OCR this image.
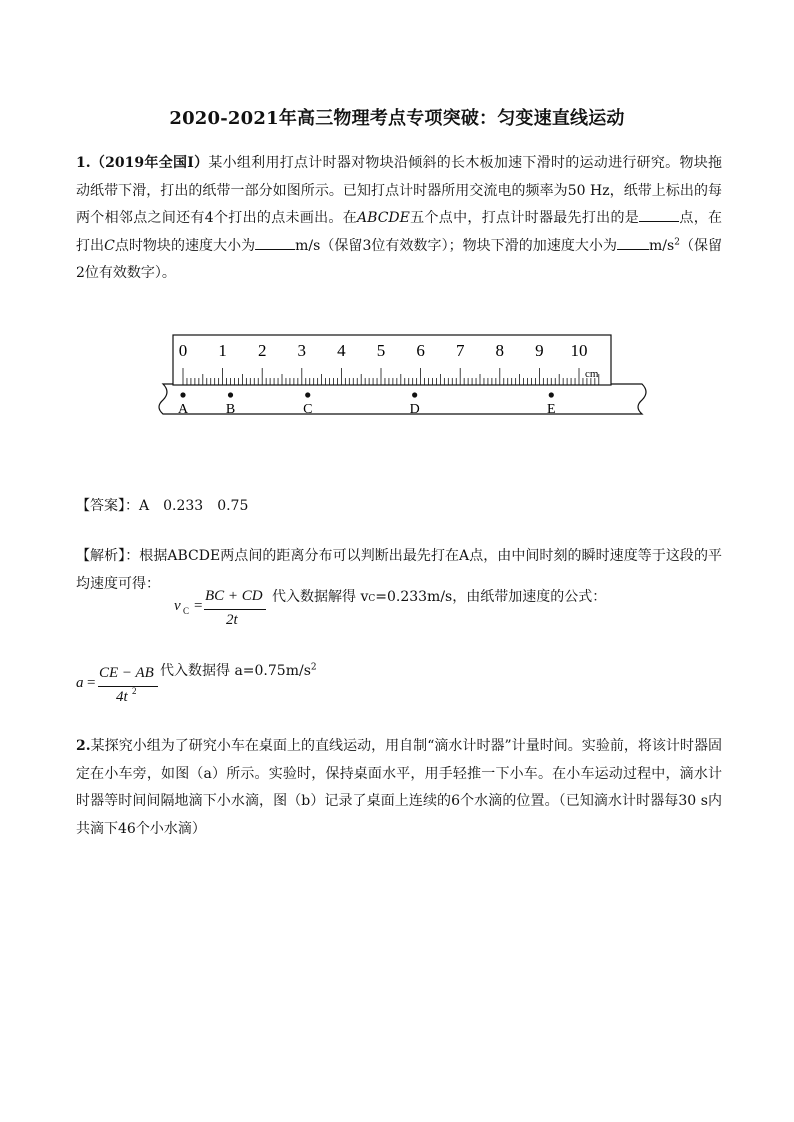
2020-2021年高三物理考点专项突破：匀变速直线运动
1.（2019年全国Ⅰ）某小组利用打点计时器对物块沿倾斜的长木板加速下滑时的运动进行研究。物块拖动纸带下滑，打出的纸带一部分如图所示。已知打点计时器所用交流电的频率为50 Hz，纸带上标出的每两个相邻点之间还有4个打出的点未画出。在ABCDE五个点中，打点计时器最先打出的是	点，在打出C点时物块的速度大小为	m/s（保留3位有效数字）；物块下滑的加速度大小为 $m/s^2$（保留2位有效数字）。
0 1 2 3 4 5 6 7 8 9 10
cm
A	B	C	D	E
【答案】：A　0.233　0.75
【解析】：根据ABCDE两点间的距离分布可以判断出最先打在A点，由中间时刻的瞬时速度等于这段的平均速度可得：
v C =
BC + CD
2t
代入数据解得 vC=0.233m/s，由纸带加速度的公式：
a =
CE − AB
4t 2
代入数据得 $a=0.75m/s^2$
2.某探究小组为了研究小车在桌面上的直线运动，用自制“滴水计时器”计量时间。实验前，将该计时器固定在小车旁，如图（a）所示。实验时，保持桌面水平，用手轻推一下小车。在小车运动过程中，滴水计时器等时间间隔地滴下小水滴，图（b）记录了桌面上连续的6个水滴的位置。（已知滴水计时器每30 s内共滴下46个小水滴）
